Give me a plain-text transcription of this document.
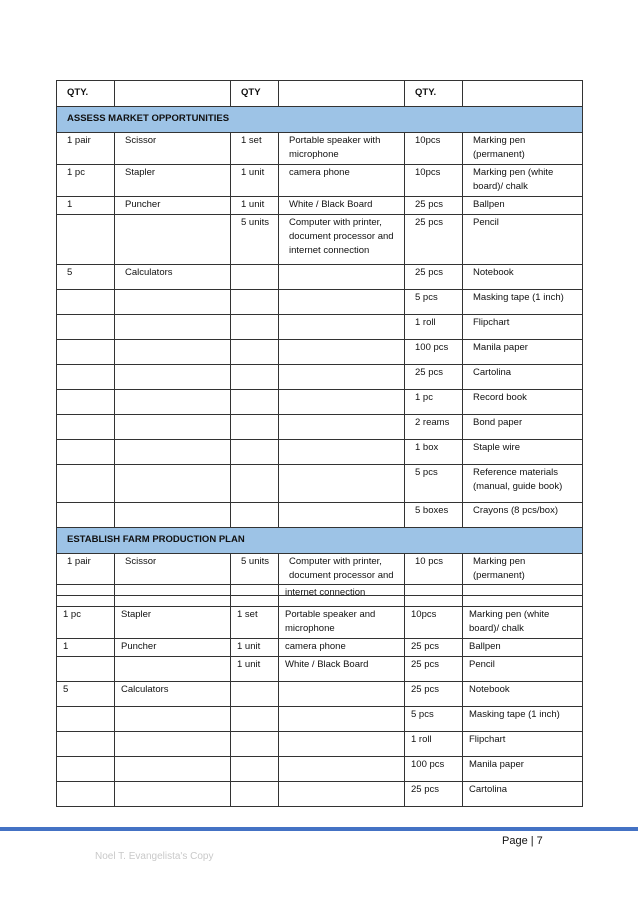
QTY.		QTY		QTY.	
ASSESS MARKET OPPORTUNITIES					
1 pair	Scissor	1 set	Portable speaker with microphone	10pcs	Marking pen (permanent)
1 pc	Stapler	1 unit	camera phone	10pcs	Marking pen (white board)/ chalk
1	Puncher	1 unit	White / Black Board	25 pcs	Ballpen
		5 units	Computer with printer, document processor and internet connection	25 pcs	Pencil
5	Calculators			25 pcs	Notebook
				5 pcs	Masking tape (1 inch)
				1 roll	Flipchart
				100 pcs	Manila paper
				25 pcs	Cartolina
				1 pc	Record book
				2 reams	Bond paper
				1 box	Staple wire
				5 pcs	Reference materials (manual, guide book)
				5 boxes	Crayons (8 pcs/box)
ESTABLISH FARM PRODUCTION PLAN					
1 pair	Scissor	5 units	Computer with printer, document processor and	10 pcs	Marking pen (permanent)
			internet connection		
1 pc	Stapler	1 set	Portable speaker and microphone	10pcs	Marking pen (white board)/ chalk
1	Puncher	1 unit	camera phone	25 pcs	Ballpen
		1 unit	White / Black Board	25 pcs	Pencil
5	Calculators			25 pcs	Notebook
				5 pcs	Masking tape (1 inch)
				1 roll	Flipchart
				100 pcs	Manila paper
				25 pcs	Cartolina
Page | 7
Noel T. Evangelista's Copy
